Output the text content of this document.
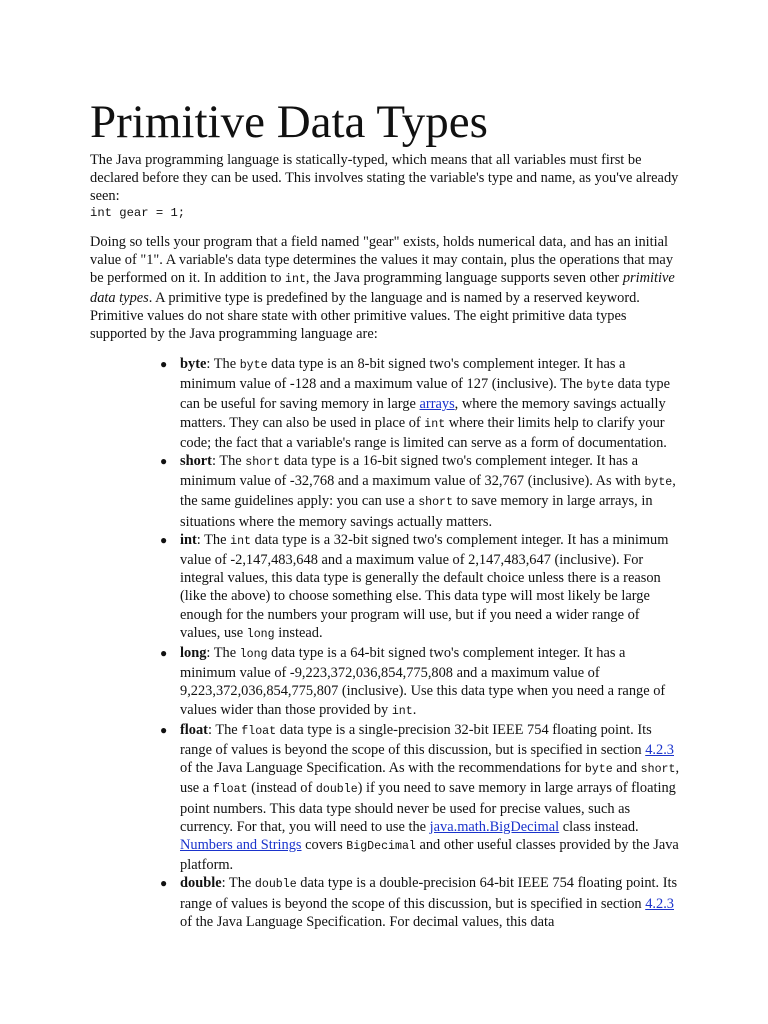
Primitive Data Types

The Java programming language is statically-typed, which means that all variables must first be declared before they can be used. This involves stating the variable's type and name, as you've already seen:

int gear = 1;

Doing so tells your program that a field named "gear" exists, holds numerical data, and has an initial value of "1". A variable's data type determines the values it may contain, plus the operations that may be performed on it. In addition to int, the Java programming language supports seven other primitive data types. A primitive type is predefined by the language and is named by a reserved keyword. Primitive values do not share state with other primitive values. The eight primitive data types supported by the Java programming language are:

● byte: The byte data type is an 8-bit signed two's complement integer. It has a minimum value of -128 and a maximum value of 127 (inclusive). The byte data type can be useful for saving memory in large arrays, where the memory savings actually matters. They can also be used in place of int where their limits help to clarify your code; the fact that a variable's range is limited can serve as a form of documentation.
● short: The short data type is a 16-bit signed two's complement integer. It has a minimum value of -32,768 and a maximum value of 32,767 (inclusive). As with byte, the same guidelines apply: you can use a short to save memory in large arrays, in situations where the memory savings actually matters.
● int: The int data type is a 32-bit signed two's complement integer. It has a minimum value of -2,147,483,648 and a maximum value of 2,147,483,647 (inclusive). For integral values, this data type is generally the default choice unless there is a reason (like the above) to choose something else. This data type will most likely be large enough for the numbers your program will use, but if you need a wider range of values, use long instead.
● long: The long data type is a 64-bit signed two's complement integer. It has a minimum value of -9,223,372,036,854,775,808 and a maximum value of 9,223,372,036,854,775,807 (inclusive). Use this data type when you need a range of values wider than those provided by int.
● float: The float data type is a single-precision 32-bit IEEE 754 floating point. Its range of values is beyond the scope of this discussion, but is specified in section 4.2.3 of the Java Language Specification. As with the recommendations for byte and short, use a float (instead of double) if you need to save memory in large arrays of floating point numbers. This data type should never be used for precise values, such as currency. For that, you will need to use the java.math.BigDecimal class instead. Numbers and Strings covers BigDecimal and other useful classes provided by the Java platform.
● double: The double data type is a double-precision 64-bit IEEE 754 floating point. Its range of values is beyond the scope of this discussion, but is specified in section 4.2.3 of the Java Language Specification. For decimal values, this data
